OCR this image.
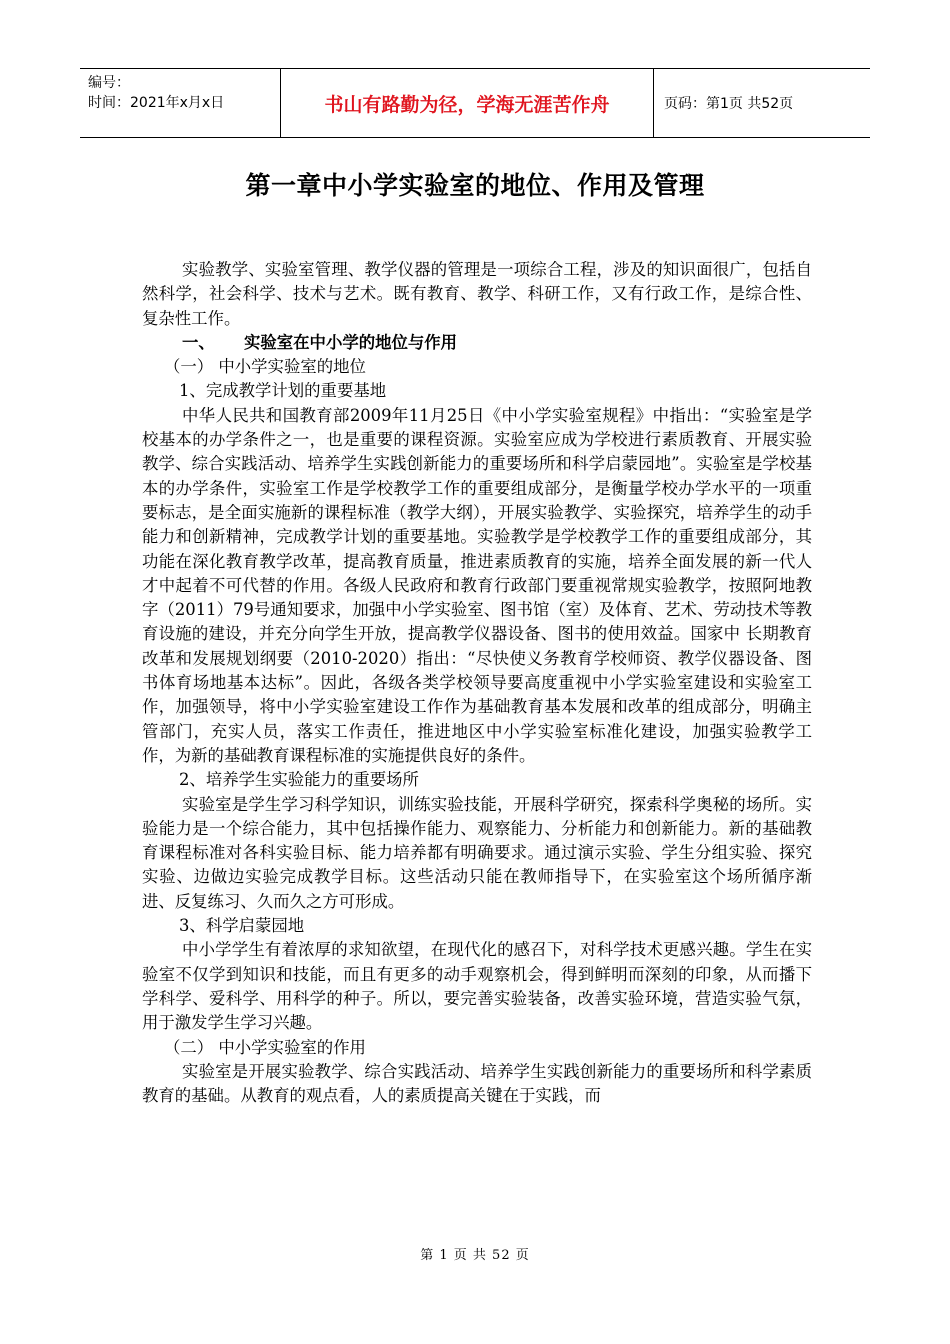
编号：
时间：2021年x月x日	书山有路勤为径，学海无涯苦作舟	页码：第1页 共52页
第一章中小学实验室的地位、作用及管理

实验教学、实验室管理、教学仪器的管理是一项综合工程，涉及的知识面很广，包括自然科学，社会科学、技术与艺术。既有教育、教学、科研工作，又有行政工作，是综合性、复杂性工作。

一、 实验室在中小学的地位与作用

（一） 中小学实验室的地位

1、完成教学计划的重要基地

中华人民共和国教育部2009年11月25日《中小学实验室规程》中指出：“实验室是学校基本的办学条件之一，也是重要的课程资源。实验室应成为学校进行素质教育、开展实验教学、综合实践活动、培养学生实践创新能力的重要场所和科学启蒙园地”。实验室是学校基本的办学条件，实验室工作是学校教学工作的重要组成部分，是衡量学校办学水平的一项重要标志，是全面实施新的课程标准（教学大纲），开展实验教学、实验探究，培养学生的动手能力和创新精神，完成教学计划的重要基地。实验教学是学校教学工作的重要组成部分，其功能在深化教育教学改革，提高教育质量，推进素质教育的实施，培养全面发展的新一代人才中起着不可代替的作用。各级人民政府和教育行政部门要重视常规实验教学，按照阿地教字（2011）79号通知要求，加强中小学实验室、图书馆（室）及体育、艺术、劳动技术等教育设施的建设，并充分向学生开放，提高教学仪器设备、图书的使用效益。国家中 长期教育改革和发展规划纲要（2010-2020）指出：“尽快使义务教育学校师资、教学仪器设备、图书体育场地基本达标”。因此，各级各类学校领导要高度重视中小学实验室建设和实验室工作，加强领导，将中小学实验室建设工作作为基础教育基本发展和改革的组成部分，明确主管部门，充实人员，落实工作责任，推进地区中小学实验室标准化建设，加强实验教学工作，为新的基础教育课程标准的实施提供良好的条件。

2、培养学生实验能力的重要场所

实验室是学生学习科学知识，训练实验技能，开展科学研究，探索科学奥秘的场所。实验能力是一个综合能力，其中包括操作能力、观察能力、分析能力和创新能力。新的基础教育课程标准对各科实验目标、能力培养都有明确要求。通过演示实验、学生分组实验、探究实验、边做边实验完成教学目标。这些活动只能在教师指导下，在实验室这个场所循序渐进、反复练习、久而久之方可形成。

3、科学启蒙园地

中小学学生有着浓厚的求知欲望，在现代化的感召下，对科学技术更感兴趣。学生在实验室不仅学到知识和技能，而且有更多的动手观察机会，得到鲜明而深刻的印象，从而播下学科学、爱科学、用科学的种子。所以，要完善实验装备，改善实验环境，营造实验气氛，用于激发学生学习兴趣。

（二） 中小学实验室的作用

实验室是开展实验教学、综合实践活动、培养学生实践创新能力的重要场所和科学素质教育的基础。从教育的观点看，人的素质提高关键在于实践，而

第 1 页 共 52 页
